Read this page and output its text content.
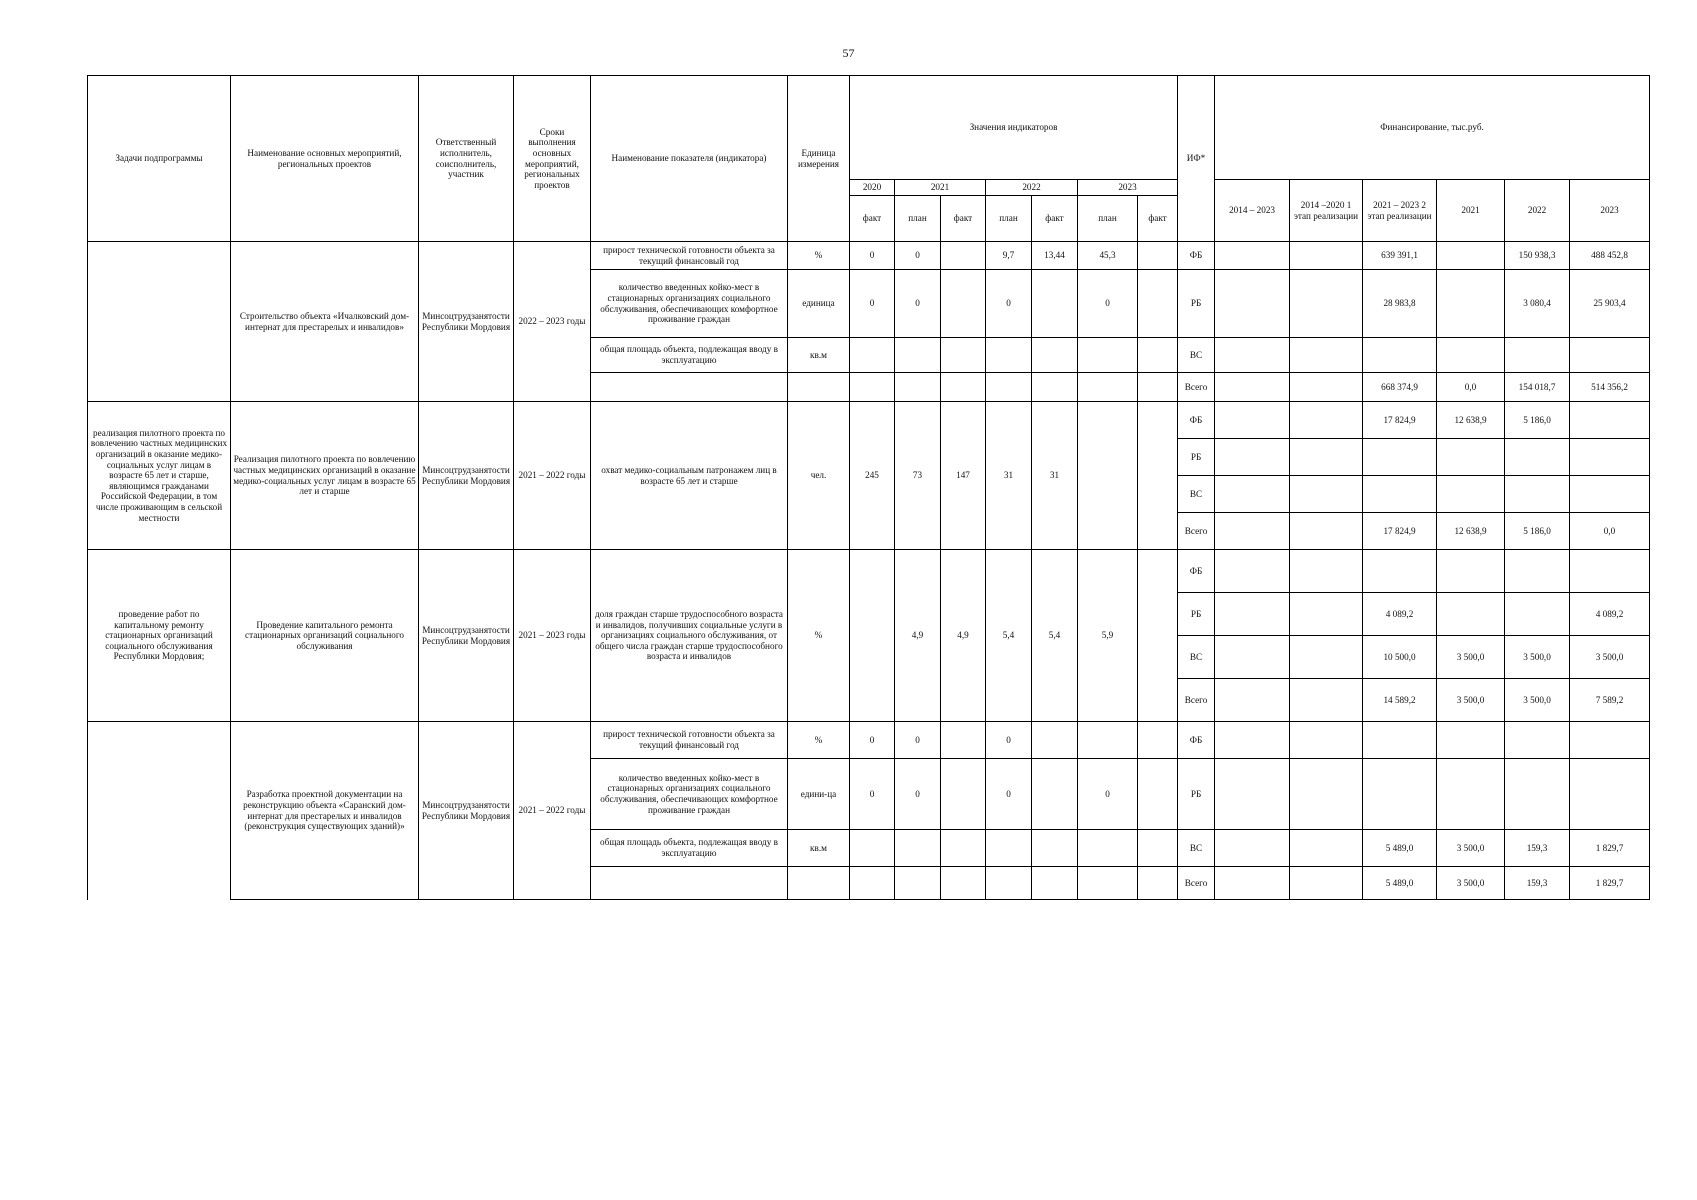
57
Задачи подпрограммы	Наименование основных мероприятий, региональных проектов	Ответственный исполнитель, соисполнитель, участник	Сроки выполнения основных мероприятий, региональных проектов	Наименование показателя (индикатора)	Единица измерения	Значения индикаторов							ИФ*	Финансирование, тыс.руб.					
						2020	2021		2022		2023			2014 – 2023	2014 –2020 1 этап реализации	2021 – 2023 2 этап реализации	2021	2022	2023
						факт	план	факт	план	факт	план	факт							
	Строительство объекта «Ичалковский дом-интернат для престарелых и инвалидов»	Минсоцтрудзанятости Республики Мордовия	2022 – 2023 годы	прирост технической готовности объекта за текущий финансовый год	%	0	0		9,7	13,44	45,3		ФБ			639 391,1		150 938,3	488 452,8
				количество введенных койко-мест в стационарных организациях социального обслуживания, обеспечивающих комфортное проживание граждан	единица	0	0		0		0		РБ			28 983,8		3 080,4	25 903,4
				общая площадь объекта, подлежащая вводу в эксплуатацию	кв.м								ВС						
													Всего			668 374,9	0,0	154 018,7	514 356,2
реализация пилотного проекта по вовлечению частных медицинских организаций в оказание медико-социальных услуг лицам в возрасте 65 лет и старше, являющимся гражданами Российской Федерации, в том числе проживающим в сельской местности	Реализация пилотного проекта по вовлечению частных медицинских организаций в оказание медико-социальных услуг лицам в возрасте 65 лет и старше	Минсоцтрудзанятости Республики Мордовия	2021 – 2022 годы	охват медико-социальным патронажем лиц в возрасте 65 лет и старше	чел.	245	73	147	31	31			ФБ			17 824,9	12 638,9	5 186,0	
													РБ						
													ВС						
													Всего			17 824,9	12 638,9	5 186,0	0,0
проведение работ по капитальному ремонту стационарных организаций социального обслуживания Республики Мордовия;	Проведение капитального ремонта стационарных организаций социального обслуживания	Минсоцтрудзанятости Республики Мордовия	2021 – 2023 годы	доля граждан старше трудоспособного возраста и инвалидов, получивших социальные услуги в организациях социального обслуживания, от общего числа граждан старше трудоспособного возраста и инвалидов	%		4,9	4,9	5,4	5,4	5,9		ФБ						
													РБ			4 089,2			4 089,2
													ВС			10 500,0	3 500,0	3 500,0	3 500,0
													Всего			14 589,2	3 500,0	3 500,0	7 589,2
	Разработка проектной документации на реконструкцию объекта «Саранский дом-интернат для престарелых и инвалидов (реконструкция существующих зданий)»	Минсоцтрудзанятости Республики Мордовия	2021 – 2022 годы	прирост технической готовности объекта за текущий финансовый год	%	0	0		0				ФБ						
				количество введенных койко-мест в стационарных организациях социального обслуживания, обеспечивающих комфортное проживание граждан	едини-ца	0	0		0		0		РБ						
				общая площадь объекта, подлежащая вводу в эксплуатацию	кв.м								ВС			5 489,0	3 500,0	159,3	1 829,7
													Всего			5 489,0	3 500,0	159,3	1 829,7
